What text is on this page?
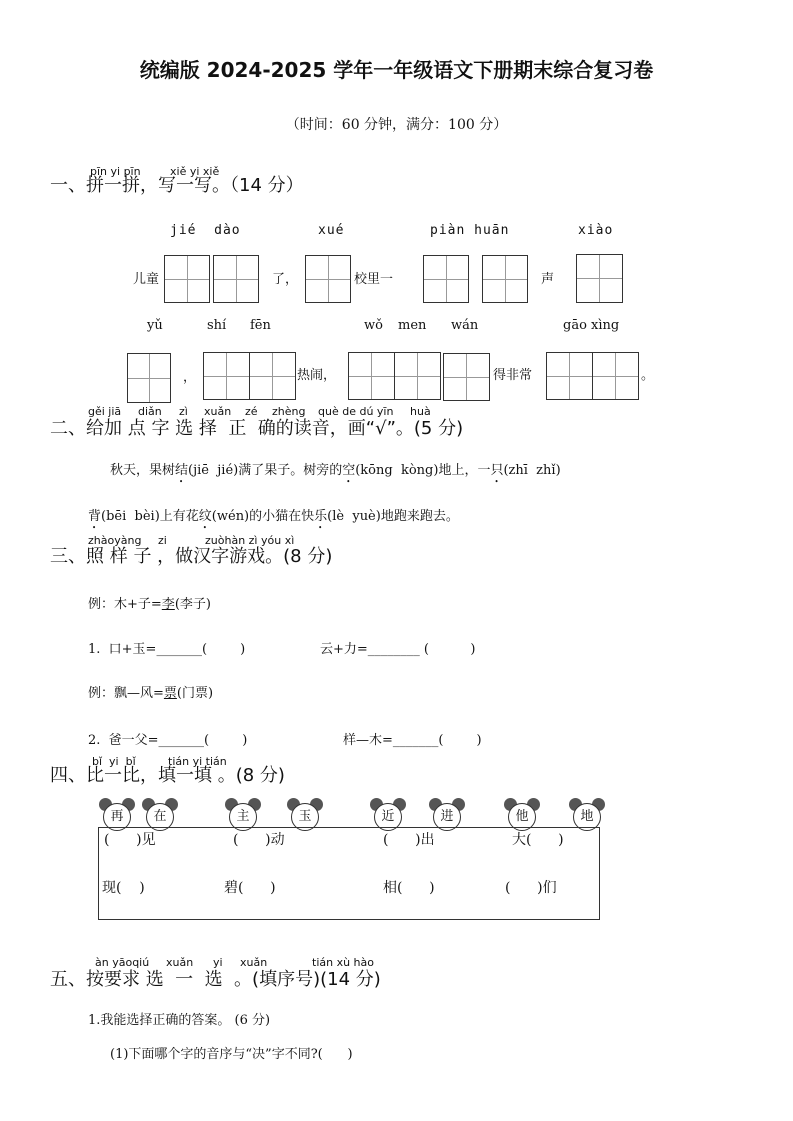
统编版 2024-2025 学年一年级语文下册期末综合复习卷
（时间：60 分钟，满分：100 分）
pīn yi pīn	xiě yi xiě
一、拼一拼，写一写。（14 分）
jié  dào	xué	piàn huān	xiào
儿童	了，	校里一	声
yǔ	shí fēn	wǒ men wán	gāo xìng
，	热闹，	得非常	。
gěi jiā diǎn zì xuǎn zé zhèng què de dú yīn huà
二、给加 点 字 选 择  正  确的读音，画“√”。(5 分)
秋天，果树结(jiē  jié)满了果子。树旁的空(kōng  kòng)地上，一只(zhī  zhǐ)
背(bēi  bèi)上有花纹(wén)的小猫在快乐(lè  yuè)地跑来跑去。
zhàoyàng zi	zuòhàn zì yóu xì
三、照 样 子 ，做汉字游戏。(8 分)
例：木+子=李(李子)
1.  口+玉=_______(        )	云+力=________ (          )
例：飘—风=票(门票)
2.  爸一父=_______(        )	样—木=_______(        )
bǐ  yi  bǐ	tián yi tián
四、比一比，填一填 。(8 分)
再	在	主	玉	近	进	他	地
(      )见	(      )动	(      )出	大(      )
现(    )	碧(      )	相(      )	(      )们
àn yāoqiú xuǎn yi xuǎn	tián xù hào
五、按要求 选  一  选  。(填序号)(14 分)
1.我能选择正确的答案。 (6 分)
(1)下面哪个字的音序与“决”字不同?(      )
